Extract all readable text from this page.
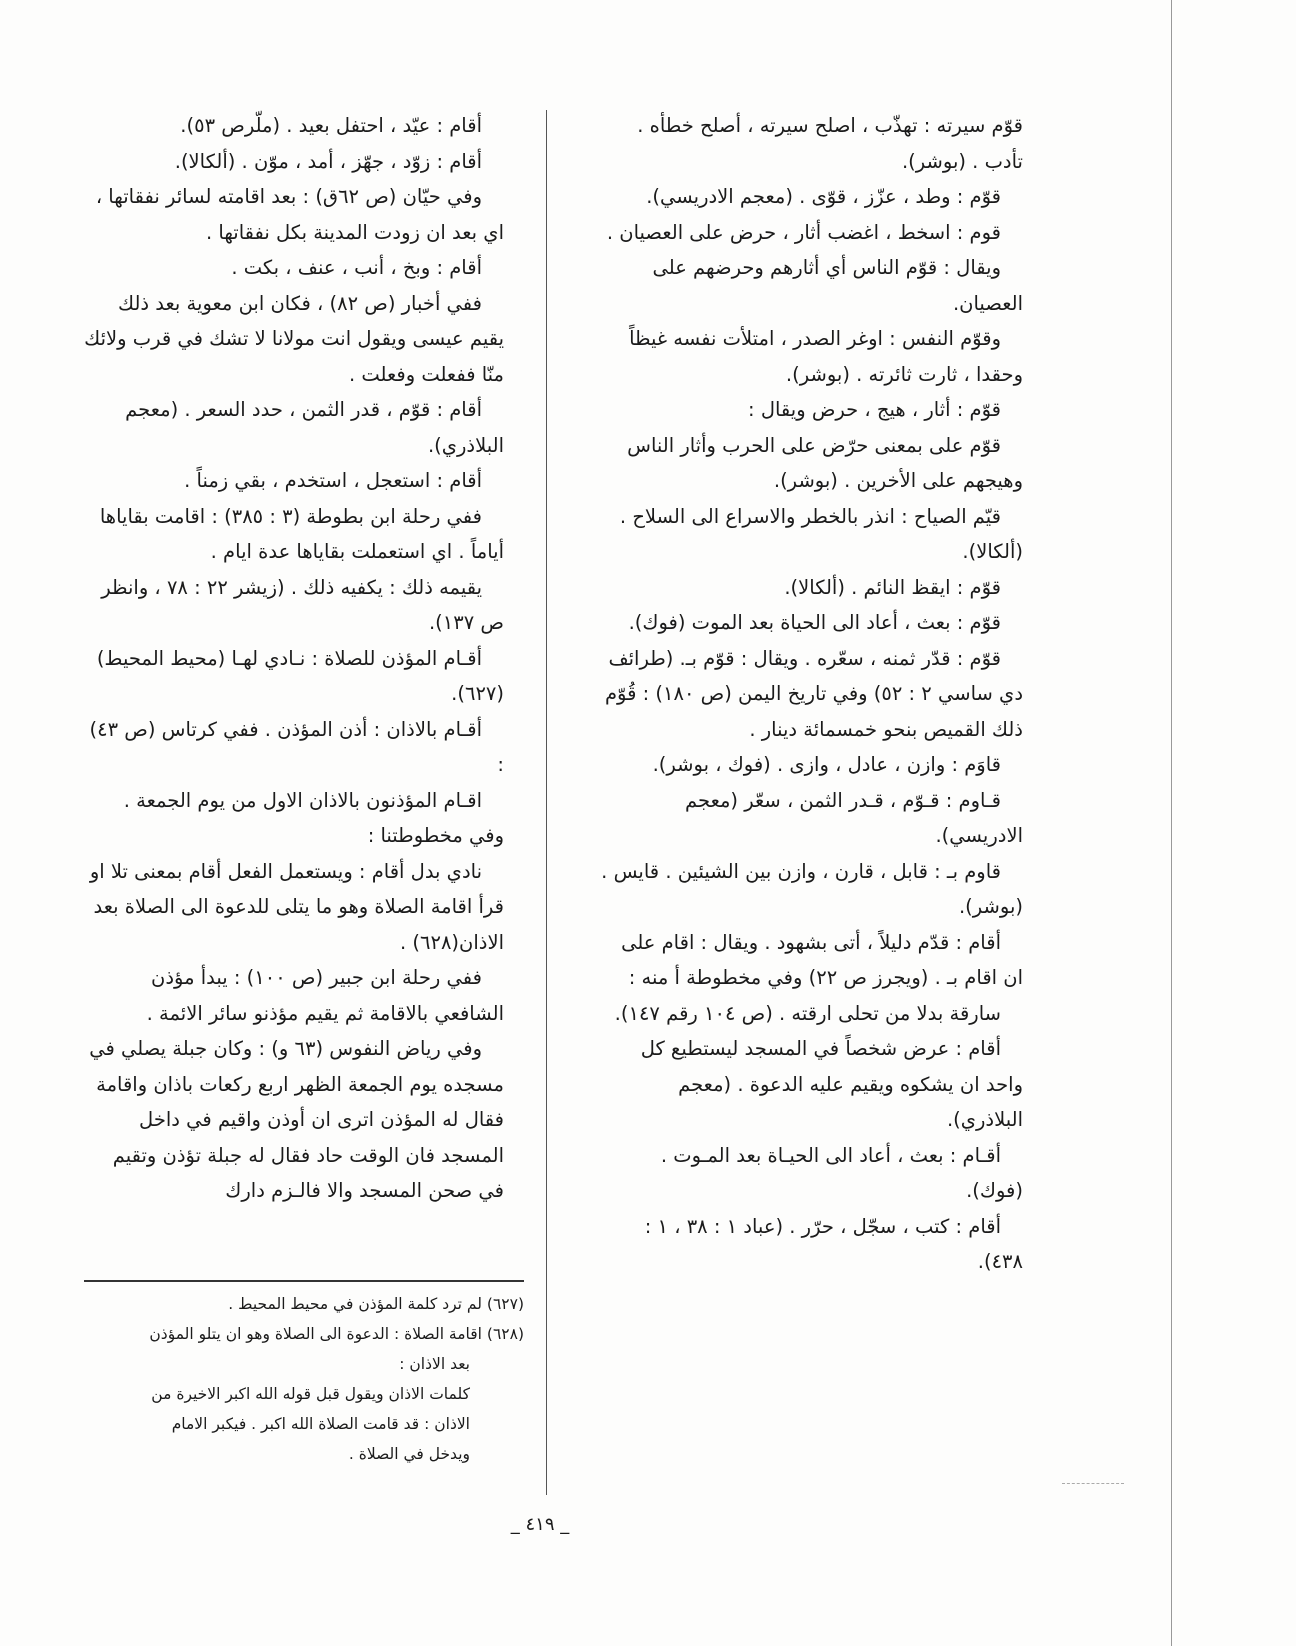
قوّم سيرته : تهذّب ، اصلح سيرته ، أصلح خطأه . تأدب . (بوشر).

قوّم : وطد ، عزّز ، قوّى . (معجم الادريسي).

قوم : اسخط ، اغضب أثار ، حرض على العصيان .

ويقال : قوّم الناس أي أثارهم وحرضهم على العصيان.

وقوّم النفس : اوغر الصدر ، امتلأت نفسه غيظاً وحقدا ، ثارت ثائرته . (بوشر).

قوّم : أثار ، هيج ، حرض ويقال :

قوّم على بمعنى حرّض على الحرب وأثار الناس وهيجهم على الأخرين . (بوشر).

قيّم الصياح : انذر بالخطر والاسراع الى السلاح . (ألكالا).

قوّم : ايقظ النائم . (ألكالا).

قوّم : بعث ، أعاد الى الحياة بعد الموت (فوك).

قوّم : قدّر ثمنه ، سعّره . ويقال : قوّم بـ. (طرائف دي ساسي ٢ : ٥٢) وفي تاريخ اليمن (ص ١٨٠) : قُوّم ذلك القميص بنحو خمسمائة دينار .

قاوَم : وازن ، عادل ، وازى . (فوك ، بوشر).

قـاوم : قـوّم ، قـدر الثمن ، سعّر (معجم الادريسي).

قاوم بـ : قابل ، قارن ، وازن بين الشيئين . قايس . (بوشر).

أقام : قدّم دليلاً ، أتى بشهود . ويقال : اقام على ان اقام بـ . (ويجرز ص ٢٢) وفي مخطوطة أ منه :

سارقة بدلا من تحلى ارقته . (ص ١٠٤ رقم ١٤٧).

أقام : عرض شخصاً في المسجد ليستطيع كل واحد ان يشكوه ويقيم عليه الدعوة . (معجم البلاذري).

أقـام : بعث ، أعاد الى الحيـاة بعد المـوت . (فوك).

أقام : كتب ، سجّل ، حرّر . (عباد ١ : ٣٨ ، ١ : ٤٣٨).

أقام : عيّد ، احتفل بعيد . (ملّرص ٥٣).

أقام : زوّد ، جهّز ، أمد ، موّن . (ألكالا).

وفي حيّان (ص ٦٢ق) : بعد اقامته لسائر نفقاتها ، اي بعد ان زودت المدينة بكل نفقاتها .

أقام : وبخ ، أنب ، عنف ، بكت .

ففي أخبار (ص ٨٢) ، فكان ابن معوية بعد ذلك يقيم عيسى ويقول انت مولانا لا تشك في قرب ولائك منّا ففعلت وفعلت .

أقام : قوّم ، قدر الثمن ، حدد السعر . (معجم البلاذري).

أقام : استعجل ، استخدم ، بقي زمناً .

ففي رحلة ابن بطوطة (٣ : ٣٨٥) : اقامت بقاياها أياماً . اي استعملت بقاياها عدة ايام .

يقيمه ذلك : يكفيه ذلك . (زيشر ٢٢ : ٧٨ ، وانظر ص ١٣٧).

أقـام المؤذن للصلاة : نـادي لهـا (محيط المحيط)(٦٢٧).

أقـام بالاذان : أذن المؤذن . ففي كرتاس (ص ٤٣) :

اقـام المؤذنون بالاذان الاول من يوم الجمعة . وفي مخطوطتنا :

نادي بدل أقام : ويستعمل الفعل أقام بمعنى تلا او قرأ اقامة الصلاة وهو ما يتلى للدعوة الى الصلاة بعد الاذان(٦٢٨) .

ففي رحلة ابن جبير (ص ١٠٠) : يبدأ مؤذن الشافعي بالاقامة ثم يقيم مؤذنو سائر الائمة .

وفي رياض النفوس (٦٣ و) : وكان جبلة يصلي في مسجده يوم الجمعة الظهر اربع ركعات باذان واقامة فقال له المؤذن اترى ان أوذن واقيم في داخل المسجد فان الوقت حاد فقال له جبلة تؤذن وتقيم في صحن المسجد والا فالـزم دارك

(٦٢٧) لم ترد كلمة المؤذن في محيط المحيط .

(٦٢٨) اقامة الصلاة : الدعوة الى الصلاة وهو ان يتلو المؤذن

بعد الاذان :

كلمات الاذان ويقول قبل قوله الله اكبر الاخيرة من

الاذان : قد قامت الصلاة الله اكبر . فيكبر الامام

ويدخل في الصلاة .

_ ٤١٩ _
